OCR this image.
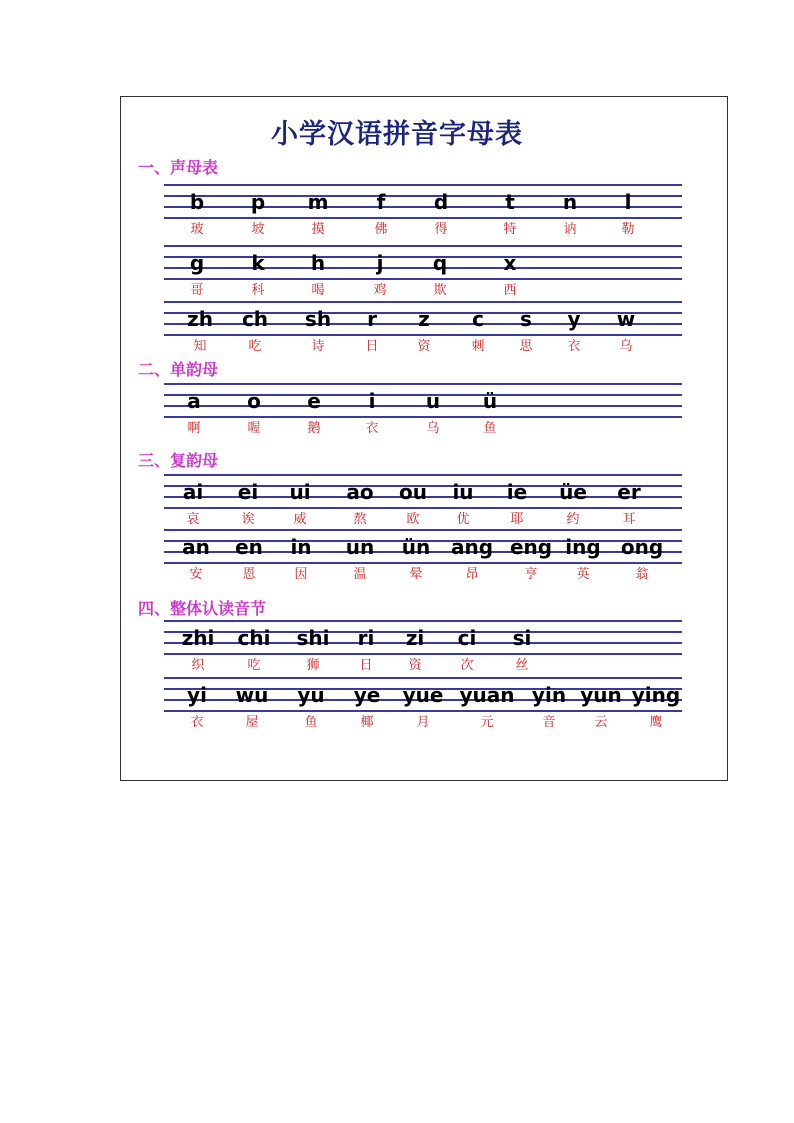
小学汉语拼音字母表
一、声母表
b p m f d	t n l
玻	坡	摸	佛	得	特	讷	勒
g k h	j q	x
哥	科	喝	鸡	欺	西
zh ch sh r z c s y w
知	吃	诗	日	资	刺	思	衣	乌
二、单韵母
a o e i	u ü
啊	喔	鹅	衣	乌	鱼
三、复韵母
ai ei ui ao ou iu ie üe er
哀	诶	威	熬	欧	优	耶	约	耳
an en in un ün ang eng ing ong
安	恩	因	温	晕	昂	亨	英	翁
四、整体认读音节
zhi chi shi ri zi ci si
织	吃	狮	日	资	次	丝
yi wu yu ye yue yuan yin yun ying
衣	屋	鱼	椰	月	元	音	云	鹰
